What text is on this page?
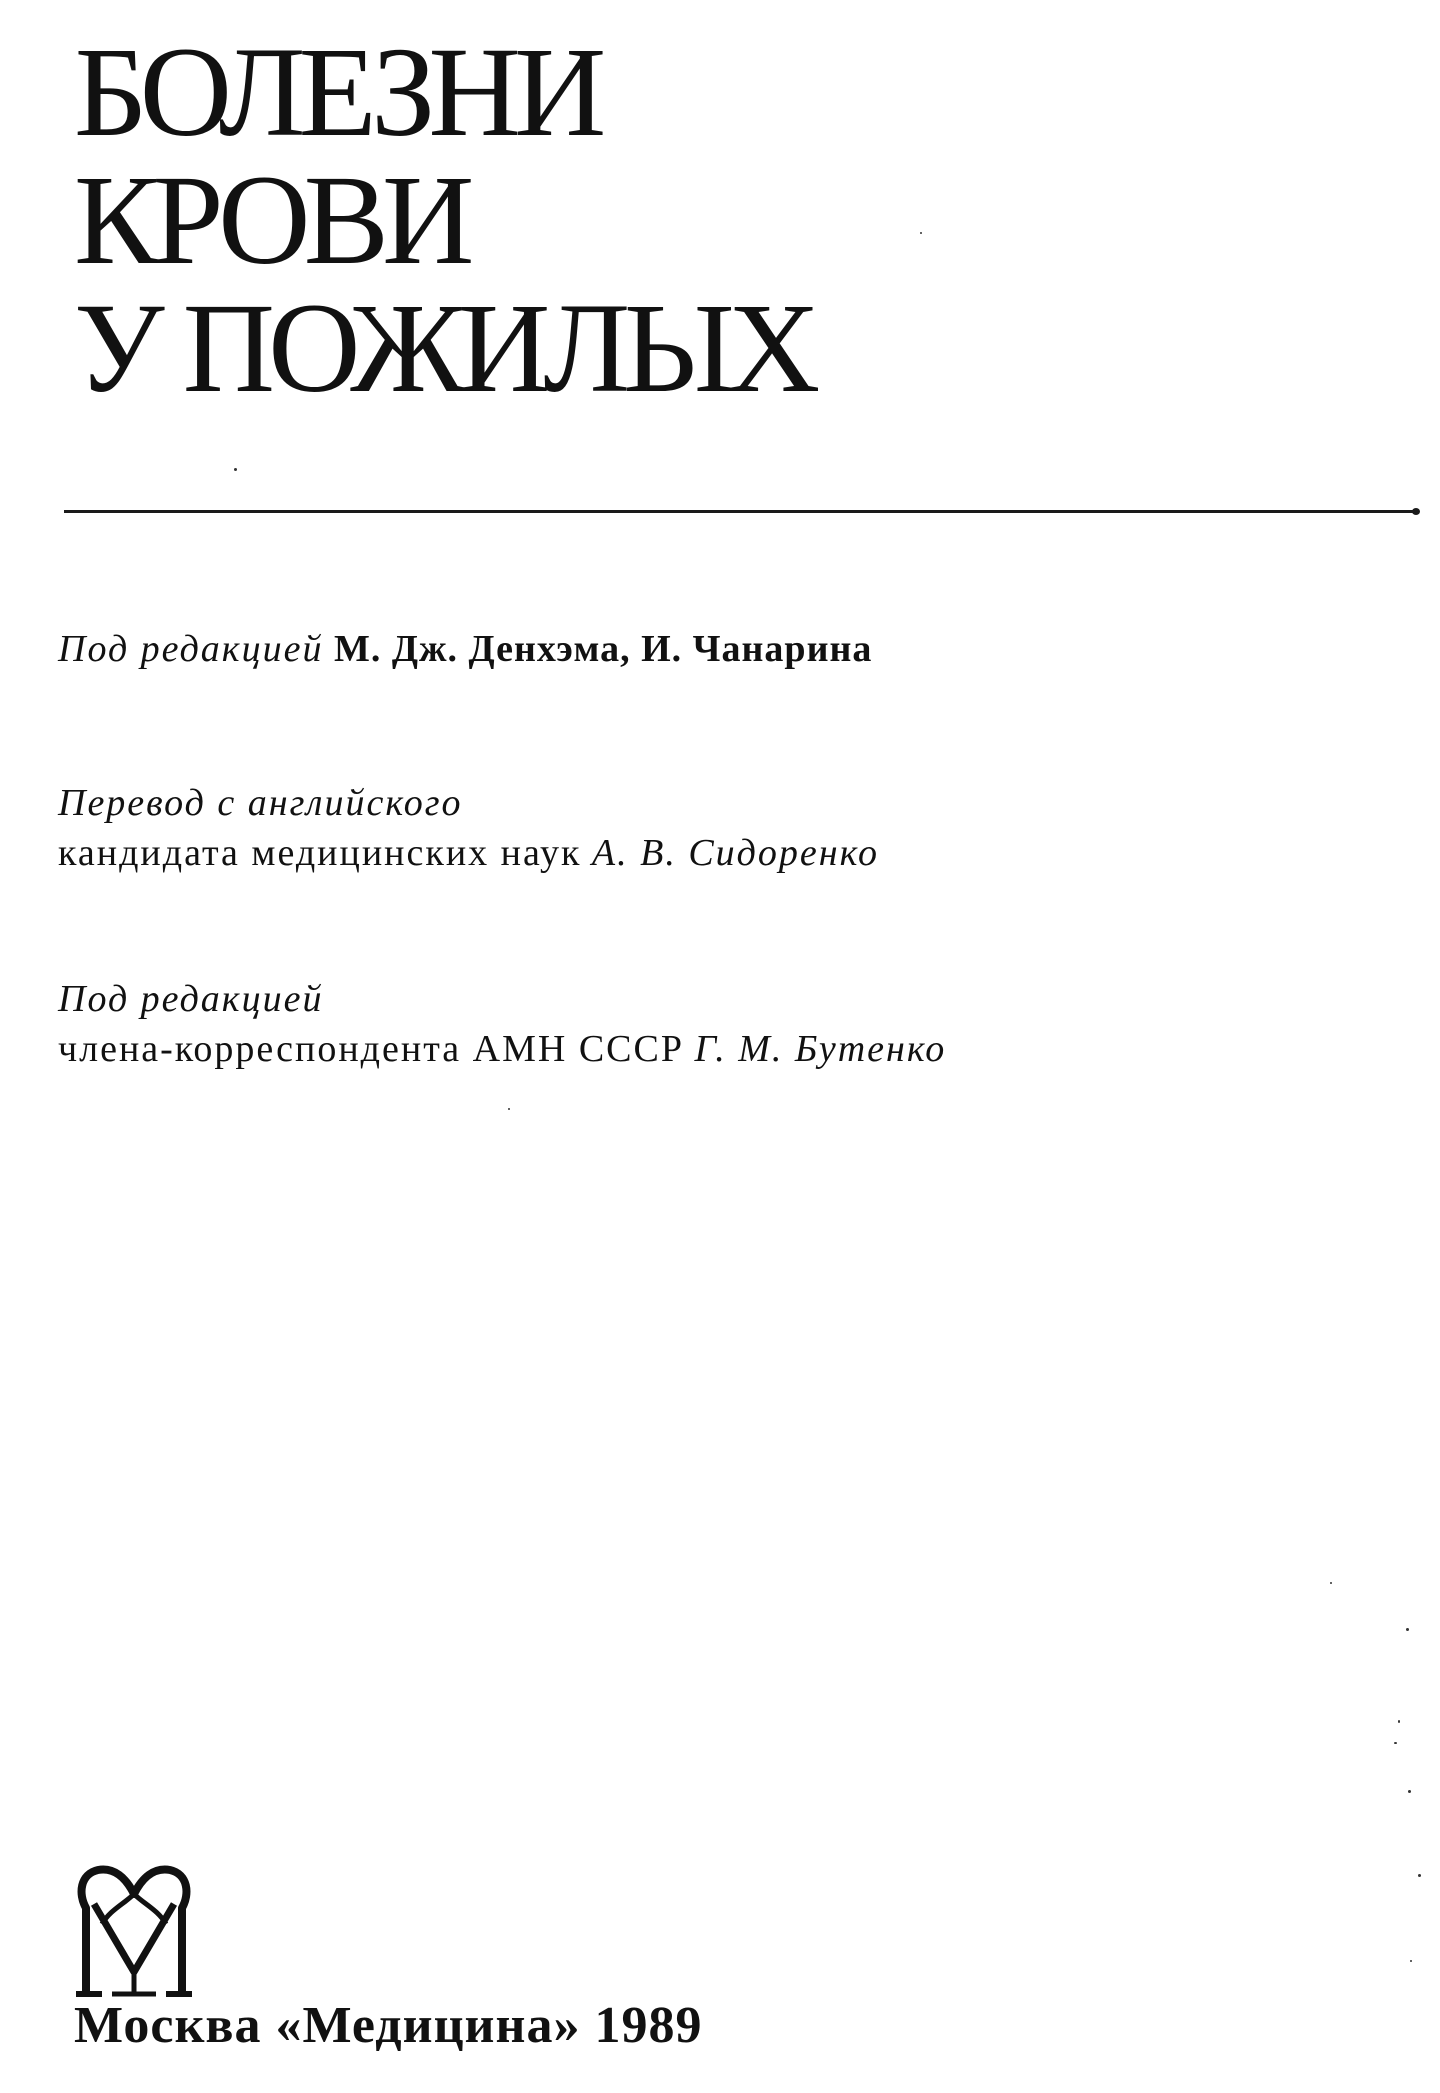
БОЛЕЗНИ
КРОВИ
У ПОЖИЛЫХ
Под редакцией М. Дж. Денхэма, И. Чанарина
Перевод с английского
кандидата медицинских наук А. В. Сидоренко
Под редакцией
члена-корреспондента АМН СССР Г. М. Бутенко
Москва «Медицина» 1989
